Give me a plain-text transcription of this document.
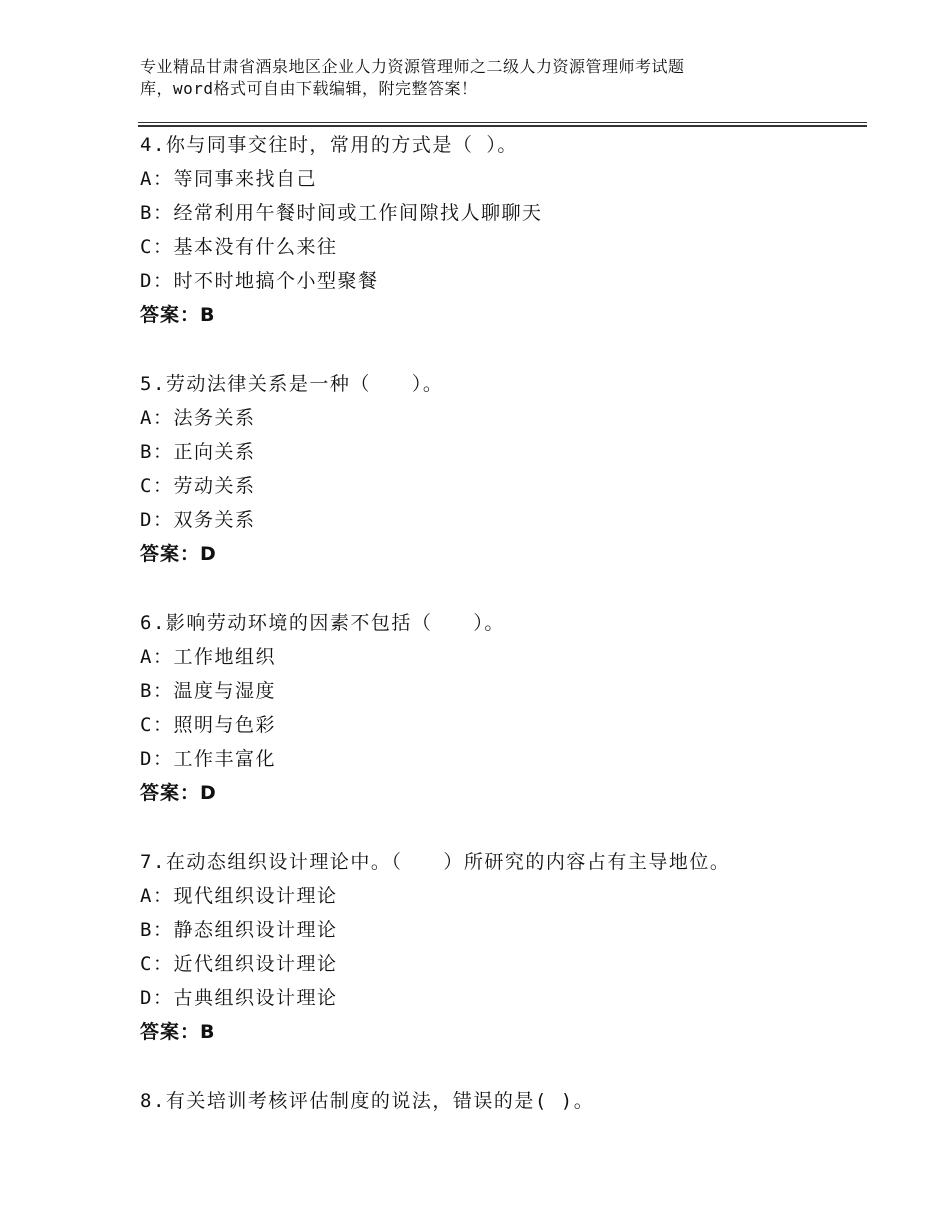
专业精品甘肃省酒泉地区企业人力资源管理师之二级人力资源管理师考试题
库，word格式可自由下载编辑，附完整答案！
4.你与同事交往时，常用的方式是（ ）。
A：等同事来找自己
B：经常利用午餐时间或工作间隙找人聊聊天
C：基本没有什么来往
D：时不时地搞个小型聚餐
答案：B
5.劳动法律关系是一种（　　）。
A：法务关系
B：正向关系
C：劳动关系
D：双务关系
答案：D
6.影响劳动环境的因素不包括（　　）。
A：工作地组织
B：温度与湿度
C：照明与色彩
D：工作丰富化
答案：D
7.在动态组织设计理论中。（　　）所研究的内容占有主导地位。
A：现代组织设计理论
B：静态组织设计理论
C：近代组织设计理论
D：古典组织设计理论
答案：B
8.有关培训考核评估制度的说法，错误的是( )。
